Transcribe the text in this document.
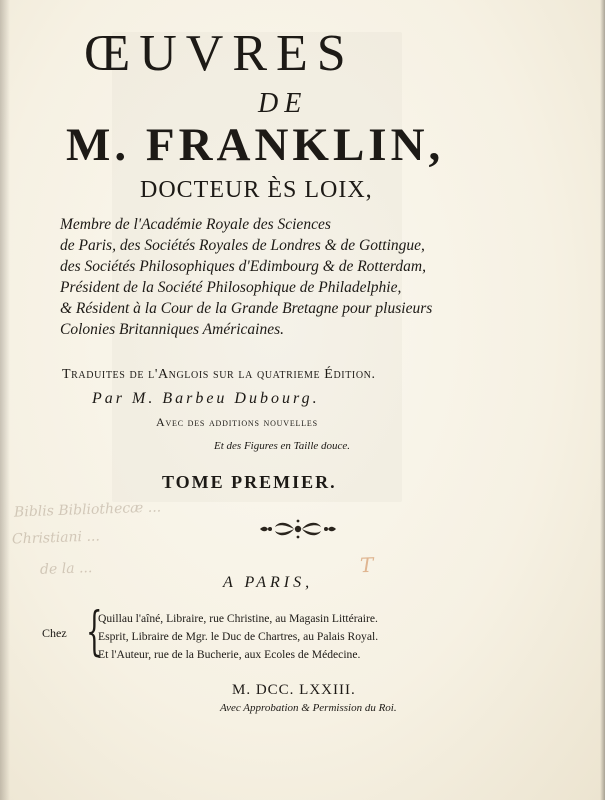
ŒUVRES
DE
M. FRANKLIN,
DOCTEUR ÈS LOIX,
Membre de l'Académie Royale des Sciences
de Paris, des Sociétés Royales de Londres & de Gottingue,
des Sociétés Philosophiques d'Edimbourg & de Rotterdam,
Président de la Société Philosophique de Philadelphie,
& Résident à la Cour de la Grande Bretagne pour plusieurs
Colonies Britanniques Américaines.
Traduites de l'Anglois sur la quatrieme Édition.
Par M. Barbeu Dubourg.
Avec des additions nouvelles
Et des Figures en Taille douce.
TOME PREMIER.
Biblis Bibliothecæ ...
Christiani ...
de la ...	T
A PARIS,
Chez {
Quillau l'aîné, Libraire, rue Christine, au Magasin Littéraire.
Esprit, Libraire de Mgr. le Duc de Chartres, au Palais Royal.
Et l'Auteur, rue de la Bucherie, aux Ecoles de Médecine.
M. DCC. LXXIII.
Avec Approbation & Permission du Roi.
